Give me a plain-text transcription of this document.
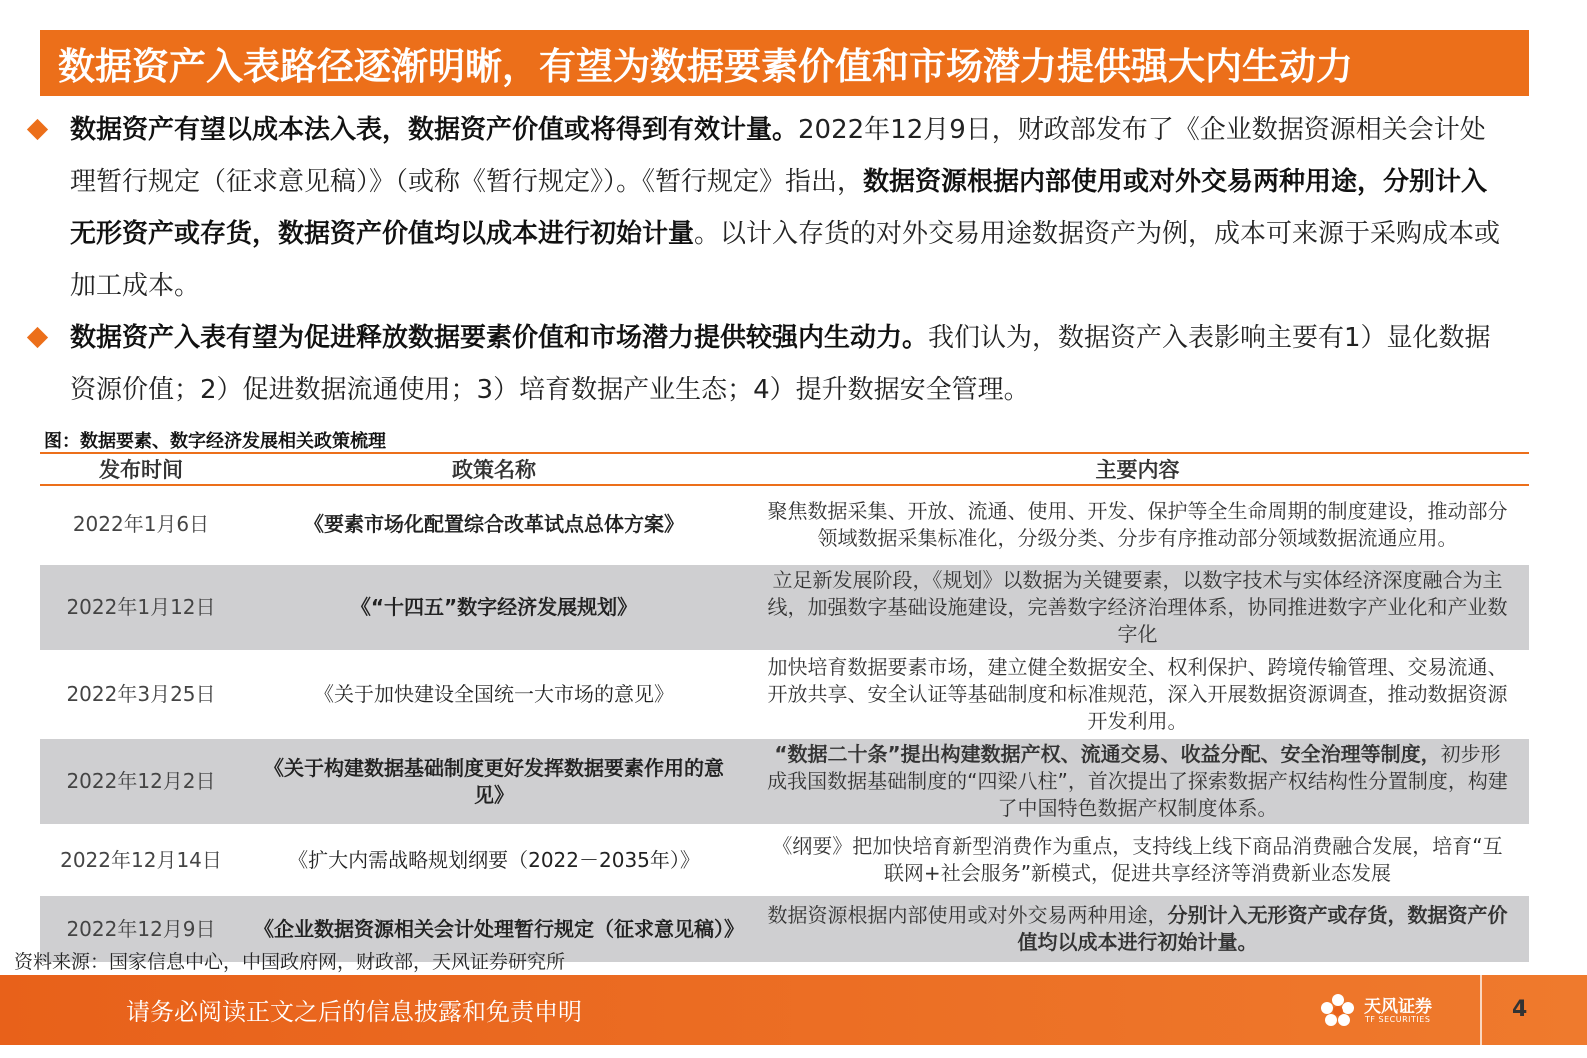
数据资产入表路径逐渐明晰，有望为数据要素价值和市场潜力提供强大内生动力
数据资产有望以成本法入表，数据资产价值或将得到有效计量。2022年12月9日，财政部发布了《企业数据资源相关会计处理暂行规定（征求意见稿）》（或称《暂行规定》）。《暂行规定》指出，数据资源根据内部使用或对外交易两种用途，分别计入无形资产或存货，数据资产价值均以成本进行初始计量。以计入存货的对外交易用途数据资产为例，成本可来源于采购成本或加工成本。
数据资产入表有望为促进释放数据要素价值和市场潜力提供较强内生动力。我们认为，数据资产入表影响主要有1）显化数据资源价值；2）促进数据流通使用；3）培育数据产业生态；4）提升数据安全管理。
图：数据要素、数字经济发展相关政策梳理
发布时间	政策名称	主要内容
2022年1月6日	《要素市场化配置综合改革试点总体方案》	聚焦数据采集、开放、流通、使用、开发、保护等全生命周期的制度建设，推动部分领域数据采集标准化，分级分类、分步有序推动部分领域数据流通应用。
2022年1月12日	《“十四五”数字经济发展规划》	立足新发展阶段，《规划》以数据为关键要素，以数字技术与实体经济深度融合为主线，加强数字基础设施建设，完善数字经济治理体系，协同推进数字产业化和产业数字化
2022年3月25日	《关于加快建设全国统一大市场的意见》	加快培育数据要素市场，建立健全数据安全、权利保护、跨境传输管理、交易流通、开放共享、安全认证等基础制度和标准规范，深入开展数据资源调查，推动数据资源开发利用。
2022年12月2日	《关于构建数据基础制度更好发挥数据要素作用的意见》	“数据二十条”提出构建数据产权、流通交易、收益分配、安全治理等制度，初步形成我国数据基础制度的“四梁八柱”，首次提出了探索数据产权结构性分置制度，构建了中国特色数据产权制度体系。
2022年12月14日	《扩大内需战略规划纲要（2022－2035年）》	《纲要》把加快培育新型消费作为重点，支持线上线下商品消费融合发展，培育“互联网+社会服务”新模式，促进共享经济等消费新业态发展
2022年12月9日	《企业数据资源相关会计处理暂行规定（征求意见稿）》	数据资源根据内部使用或对外交易两种用途，分别计入无形资产或存货，数据资产价值均以成本进行初始计量。
资料来源：国家信息中心，中国政府网，财政部，天风证券研究所
请务必阅读正文之后的信息披露和免责申明	天风证券
TF SECURITIES	4
